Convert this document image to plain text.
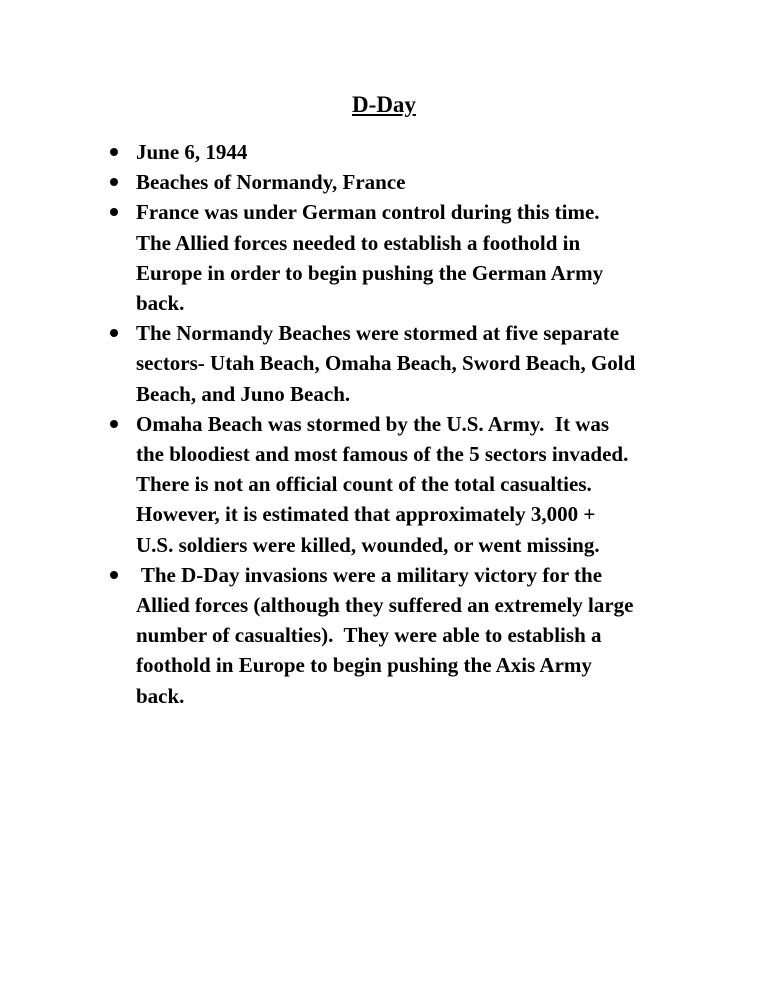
D-Day
June 6, 1944
Beaches of Normandy, France
France was under German control during this time.
The Allied forces needed to establish a foothold in
Europe in order to begin pushing the German Army
back.
The Normandy Beaches were stormed at five separate
sectors- Utah Beach, Omaha Beach, Sword Beach, Gold
Beach, and Juno Beach.
Omaha Beach was stormed by the U.S. Army.  It was
the bloodiest and most famous of the 5 sectors invaded.
There is not an official count of the total casualties.
However, it is estimated that approximately 3,000 +
U.S. soldiers were killed, wounded, or went missing.
The D-Day invasions were a military victory for the
Allied forces (although they suffered an extremely large
number of casualties).  They were able to establish a
foothold in Europe to begin pushing the Axis Army
back.
